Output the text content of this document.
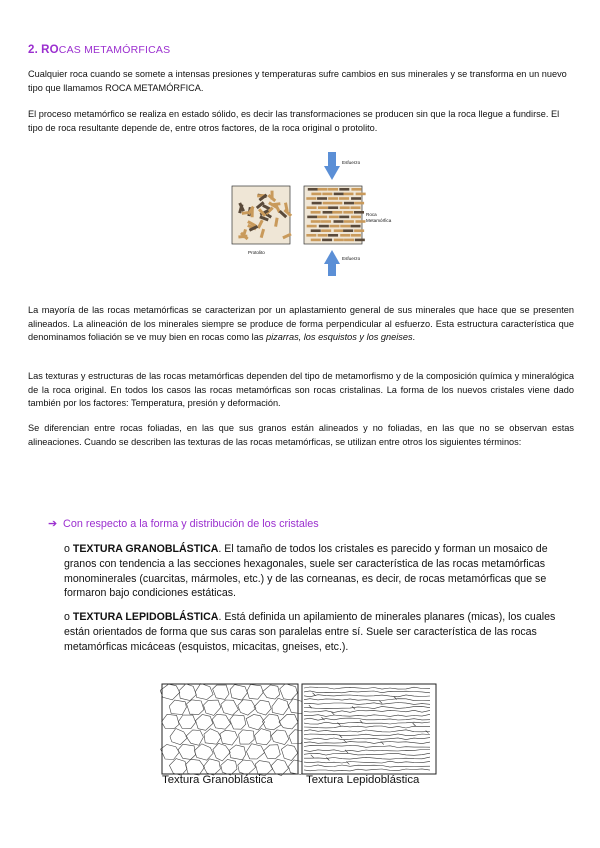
2. ROCAS METAMÓRFICAS
Cualquier roca cuando se somete a intensas presiones y temperaturas sufre cambios en sus minerales y se transforma en un nuevo tipo que llamamos ROCA METAMÓRFICA.
El proceso metamórfico se realiza en estado sólido, es decir las transformaciones se producen sin que la roca llegue a fundirse. El tipo de roca resultante depende de, entre otros factores, de la roca original o protolito.
Esfuerzo
Esfuerzo
Protolito
Roca
Metamórfica
La mayoría de las rocas metamórficas se caracterizan por un aplastamiento general de sus minerales que hace que se presenten alineados. La alineación de los minerales siempre se produce de forma perpendicular al esfuerzo. Esta estructura característica que denominamos foliación se ve muy bien en rocas como las pizarras, los esquistos y los gneises.
Las texturas y estructuras de las rocas metamórficas dependen del tipo de metamorfismo y de la composición química y mineralógica de la roca original. En todos los casos las rocas metamórficas son rocas cristalinas. La forma de los nuevos cristales viene dado también por los factores: Temperatura, presión y deformación.
Se diferencian entre rocas foliadas, en las que sus granos están alineados y no foliadas, en las que no se observan estas alineaciones. Cuando se describen las texturas de las rocas metamórficas, se utilizan entre otros los siguientes términos:
➔ Con respecto a la forma y distribución de los cristales
o TEXTURA GRANOBLÁSTICA. El tamaño de todos los cristales es parecido y forman un mosaico de granos con tendencia a las secciones hexagonales, suele ser característica de las rocas metamórficas monominerales (cuarcitas, mármoles, etc.) y de las corneanas, es decir, de rocas metamórficas que se formaron bajo condiciones estáticas.
o TEXTURA LEPIDOBLÁSTICA. Está definida un apilamiento de minerales planares (micas), los cuales están orientados de forma que sus caras son paralelas entre sí. Suele ser característica de las rocas metamórficas micáceas (esquistos, micacitas, gneises, etc.).
Textura Granoblástica	Textura Lepidoblástica
